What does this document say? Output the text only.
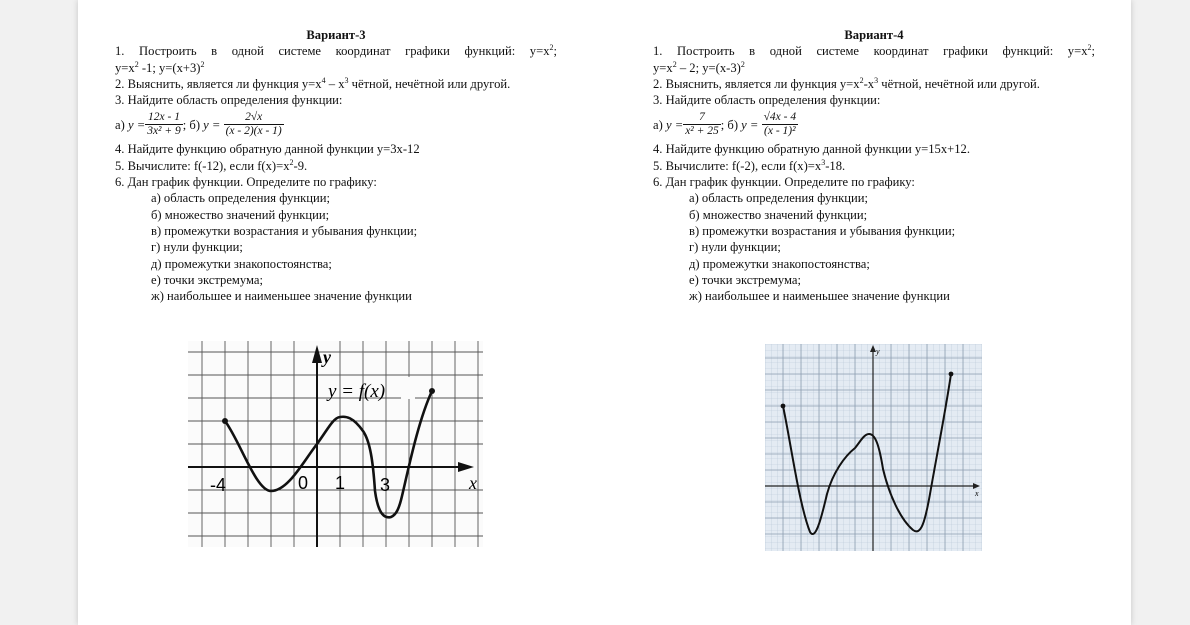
Вариант-3
1. Построить в одной системе координат графики функций: $y=x^2$;
$y=x^2$ -1; $y=(x+3)^2$
2. Выяснить, является ли функция $y=x^4 - x^3$ чётной, нечётной или другой.
3. Найдите область определения функции:
а)
$y = \frac{12x - 1}{\text{3x² + 9}}$ ; б)
y =
$\frac{2√x}{(x - 2)(x - 1)}$
4. Найдите функцию обратную данной функции y=3x-12
5. Вычислите: f(-12), если $f(x)=x^2-9$.
6. Дан график функции. Определите по графику:
а) область определения функции;
б) множество значений функции;
в) промежутки возрастания и убывания функции;
г) нули функции;
д) промежутки знакопостоянства;
е) точки экстремума;
ж) наибольшее и наименьшее значение функции
y
x
y = f(x)
-4	0 1 3
Вариант-4
1. Построить в одной системе координат графики функций: $y=x^2$;
$y=x^2 - 2$; $y=(x-3)^2$
2. Выяснить, является ли функция $y=x^2-x^3$ чётной, нечётной или другой.
3. Найдите область определения функции:
а)
$y = \frac{7}{\text{x² + 25}}$ ; б)
y =
$\frac{√4x - 4}{\text{(x - 1)²}}$
4. Найдите функцию обратную данной функции y=15x+12.
5. Вычислите: f(-2), если $f(x)=x^3-18$.
6. Дан график функции. Определите по графику:
а) область определения функции;
б) множество значений функции;
в) промежутки возрастания и убывания функции;
г) нули функции;
д) промежутки знакопостоянства;
е) точки экстремума;
ж) наибольшее и наименьшее значение функции
y
x
